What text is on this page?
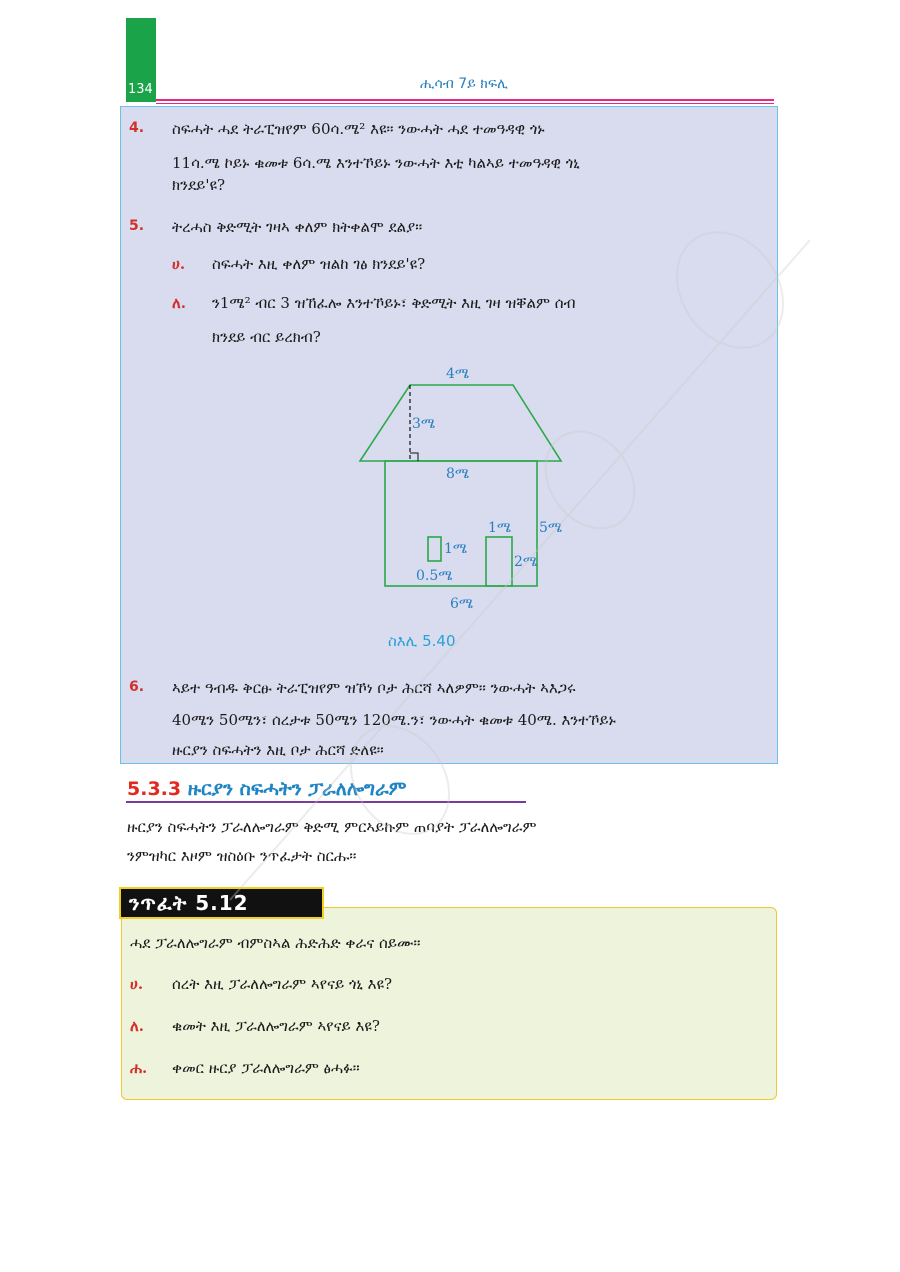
134	ሒሳብ 7ይ ክፍሊ
4. ስፍሓት ሓደ ትራፒዝየም 60ሳ.ሜ² እዩ። ንውሓት ሓደ ተመዓዳዊ ጎኑ
11ሳ.ሜ ኮይኑ ቁመቱ 6ሳ.ሜ እንተኾይኑ ንውሓት እቲ ካልኣይ ተመዓዳዊ ጎኒ
ክንደይ'ዩ?
5. ትረሓስ ቅድሚት ገዛኣ ቀለም ክትቀልሞ ደልያ።
ሀ. ስፍሓት እዚ ቀለም ዝልከ ገፅ ክንደይ'ዩ?
ለ. ን1ሜ² ብር 3 ዝኸፈሎ እንተኾይኑ፣ ቅድሚት እዚ ገዛ ዝቐልም ሰብ
ክንደይ ብር ይረክብ?
4ሜ
3ሜ
8ሜ
1ሜ 5ሜ
1ሜ
2ሜ
0.5ሜ
6ሜ
ስእሊ 5.40
6. ኣይተ ዓብዱ ቅርፁ ትራፒዝየም ዝኾነ ቦታ ሕርሻ ኣለዎም። ንውሓት ኣእጋሩ
40ሜን 50ሜን፣ ሰረታቱ 50ሜን 120ሜ.ን፣ ንውሓት ቁመቱ 40ሜ. እንተኾይኑ
ዙርያን ስፍሓትን እዚ ቦታ ሕርሻ ድለዩ።
5.3.3 ዙርያን ስፍሓትን ፓራለሎግራም
ዙርያን ስፍሓትን ፓራለሎግራም ቅድሚ ምርኣይኩም ጠባያት ፓራለሎግራም
ንምዝካር እዞም ዝስዕቡ ንጥፈታት ስርሑ።
ንጥፈት 5.12
ሓደ ፓራለሎግራም ብምስኣል ሕድሕድ ቀራና ሰይሙ።
ሀ. ሰረት እዚ ፓራለሎግራም ኣየናይ ጎኒ እዩ?
ለ. ቁመት እዚ ፓራለሎግራም ኣየናይ እዩ?
ሐ. ቀመር ዙርያ ፓራለሎግራም ፅሓፉ።
